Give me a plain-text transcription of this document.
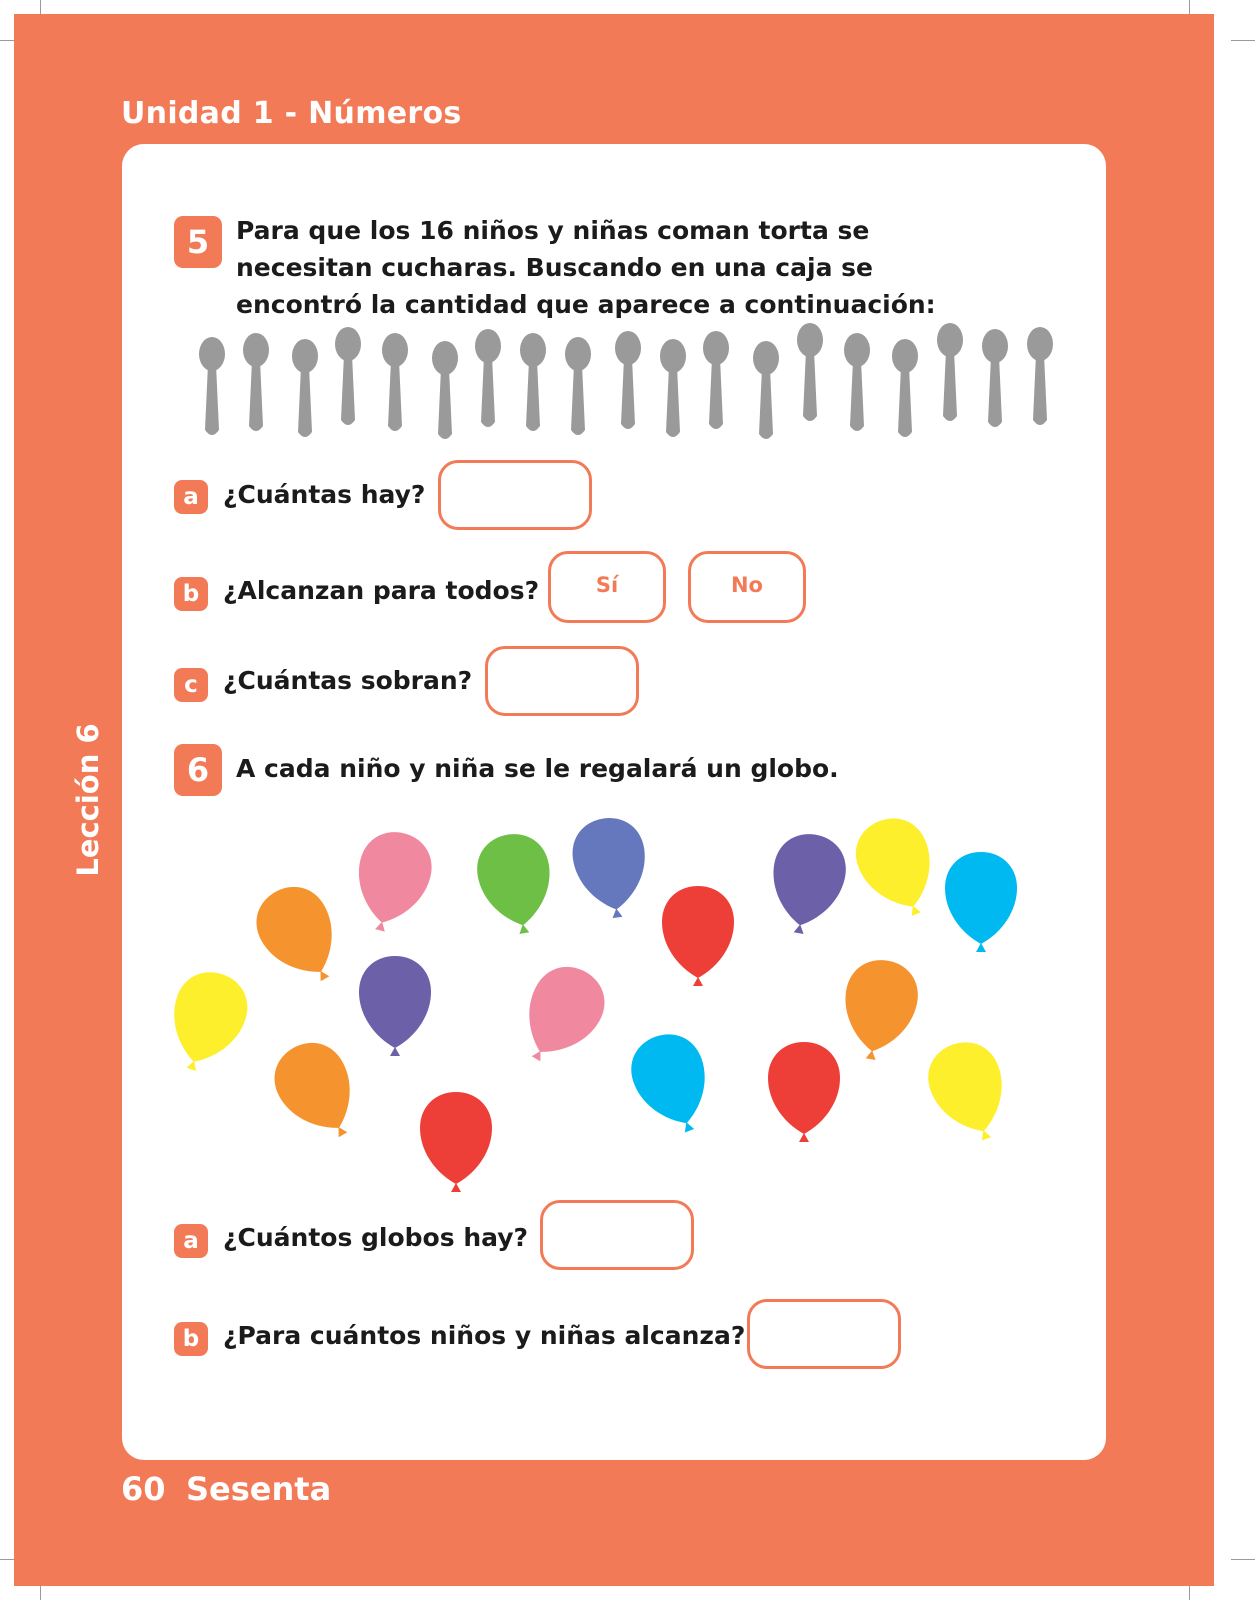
Unidad 1 - Números
Lección 6
5	Para que los 16 niños y niñas coman torta se necesitan cucharas. Buscando en una caja se encontró la cantidad que aparece a continuación:
a ¿Cuántas hay?
b ¿Alcanzan para todos?	Sí	No
c	¿Cuántas sobran?
6	A cada niño y niña se le regalará un globo.
a ¿Cuántos globos hay?
b ¿Para cuántos niños y niñas alcanza?
60 Sesenta
